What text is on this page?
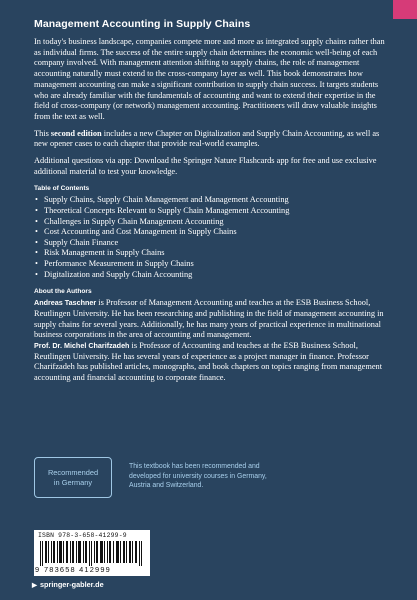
Management Accounting in Supply Chains

In today's business landscape, companies compete more and more as integrated supply chains rather than as individual firms. The success of the entire supply chain determines the economic well-being of each company involved. With management attention shifting to supply chains, the role of management accounting naturally must extend to the cross-company layer as well. This book demonstrates how management accounting can make a significant contribution to supply chain success. It targets students who are already familiar with the fundamentals of accounting and want to extend their expertise in the field of cross-company (or network) management accounting. Practitioners will draw valuable insights from the text as well.

This second edition includes a new Chapter on Digitalization and Supply Chain Accounting, as well as new opener cases to each chapter that provide real-world examples.

Additional questions via app: Download the Springer Nature Flashcards app for free and use exclusive additional material to test your knowledge.

Table of Contents
• Supply Chains, Supply Chain Management and Management Accounting
• Theoretical Concepts Relevant to Supply Chain Management Accounting
• Challenges in Supply Chain Management Accounting
• Cost Accounting and Cost Management in Supply Chains
• Supply Chain Finance
• Risk Management in Supply Chains
• Performance Measurement in Supply Chains
• Digitalization and Supply Chain Accounting
About the Authors

Andreas Taschner is Professor of Management Accounting and teaches at the ESB Business School, Reutlingen University. He has been researching and publishing in the field of management accounting in supply chains for several years. Additionally, he has many years of practical experience in multinational business corporations in the area of accounting and management.

Prof. Dr. Michel Charifzadeh is Professor of Accounting and teaches at the ESB Business School, Reutlingen University. He has several years of experience as a project manager in finance. Professor Charifzadeh has published articles, monographs, and book chapters on topics ranging from management accounting and financial accounting to corporate finance.

Recommended
in Germany
This textbook has been recommended and developed for university courses in Germany, Austria and Switzerland.
ISBN 978-3-658-41299-9
9 783658 412999
▶ springer-gabler.de
